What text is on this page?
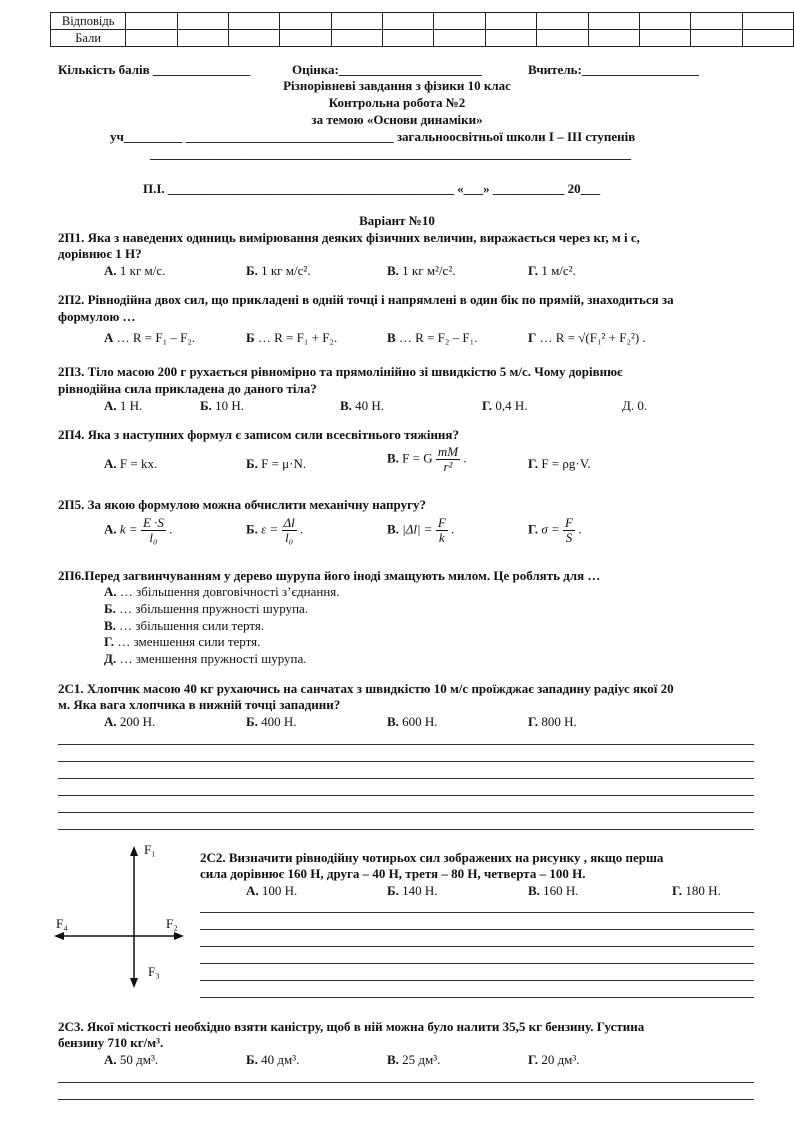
Відповідь													
Бали													
Кількість балів _______________	Оцінка:______________________	Вчитель:__________________
Різнорівневі завдання з фізики 10 клас
Контрольна робота №2
за темою «Основи динаміки»
уч_________ ________________________________ загальноосвітньої школи І – ІІІ ступенів
__________________________________________________________________________
П.І. ____________________________________________ «___» ___________ 20___
Варіант №10
2П1. Яка з наведених одиниць вимірювання деяких фізичних величин, виражається через кг, м і с,
дорівнює 1 Н?
А. 1 кг м/с.	Б. 1 кг м/с².	В. 1 кг м²/с².	Г. 1 м/с².
2П2. Рівнодійна двох сил, що прикладені в одній точці і напрямлені в один бік по прямій, знаходиться за
формулою …
А … R = F₁ – F₂.	Б … R = F₁ + F₂.	В … R = F₂ – F₁.	Г … R = √(F₁² + F₂²) .
2П3. Тіло масою 200 г рухається рівномірно та прямолінійно зі швидкістю 5 м/с. Чому дорівнює
рівнодійна сила прикладена до даного тіла?
А. 1 Н.	Б. 10 Н.	В. 40 Н.	Г. 0,4 Н.	Д. 0.
2П4. Яка з наступних формул є записом сили всесвітнього тяжіння?
А. F = kx.	Б. F = μ·N.	В. F = G $\frac{mM}{\text{r²}}$ .	Г. F = ρg·V.
2П5. За якою формулою можна обчислити механічну напругу?
А. $k = \frac{E \cdot S}{\text{l₀}}$ .	Б. $\varepsilon = \frac{\Delta l}{\text{l₀}}$ .	В. $|\Delta l| = \frac{F}{k}$ .	Г. $\sigma = \frac{F}{S}$ .
2П6.Перед загвинчуванням у дерево шурупа його іноді змащують милом. Це роблять для …
А. … збільшення довговічності з’єднання.
Б. … збільшення пружності шурупа.
В. … збільшення сили тертя.
Г. … зменшення сили тертя.
Д. … зменшення пружності шурупа.
2С1. Хлопчик масою 40 кг рухаючись на санчатах з швидкістю 10 м/с проїжджає западину радіус якої 20
м. Яка вага хлопчика в нижній точці западини?
А. 200 Н.	Б. 400 Н.	В. 600 Н.	Г. 800 Н.
F₁
F₂
F₃
F₄
2С2. Визначити рівнодійну чотирьох сил зображених на рисунку , якщо перша
сила дорівнює 160 Н, друга – 40 Н, третя – 80 Н, четверта – 100 Н.
А. 100 Н.	Б. 140 Н.	В. 160 Н.	Г. 180 Н.
2С3. Якої місткості необхідно взяти каністру, щоб в ній можна було налити 35,5 кг бензину. Густина
бензину 710 кг/м³.
А. 50 дм³.	Б. 40 дм³.	В. 25 дм³.	Г. 20 дм³.
